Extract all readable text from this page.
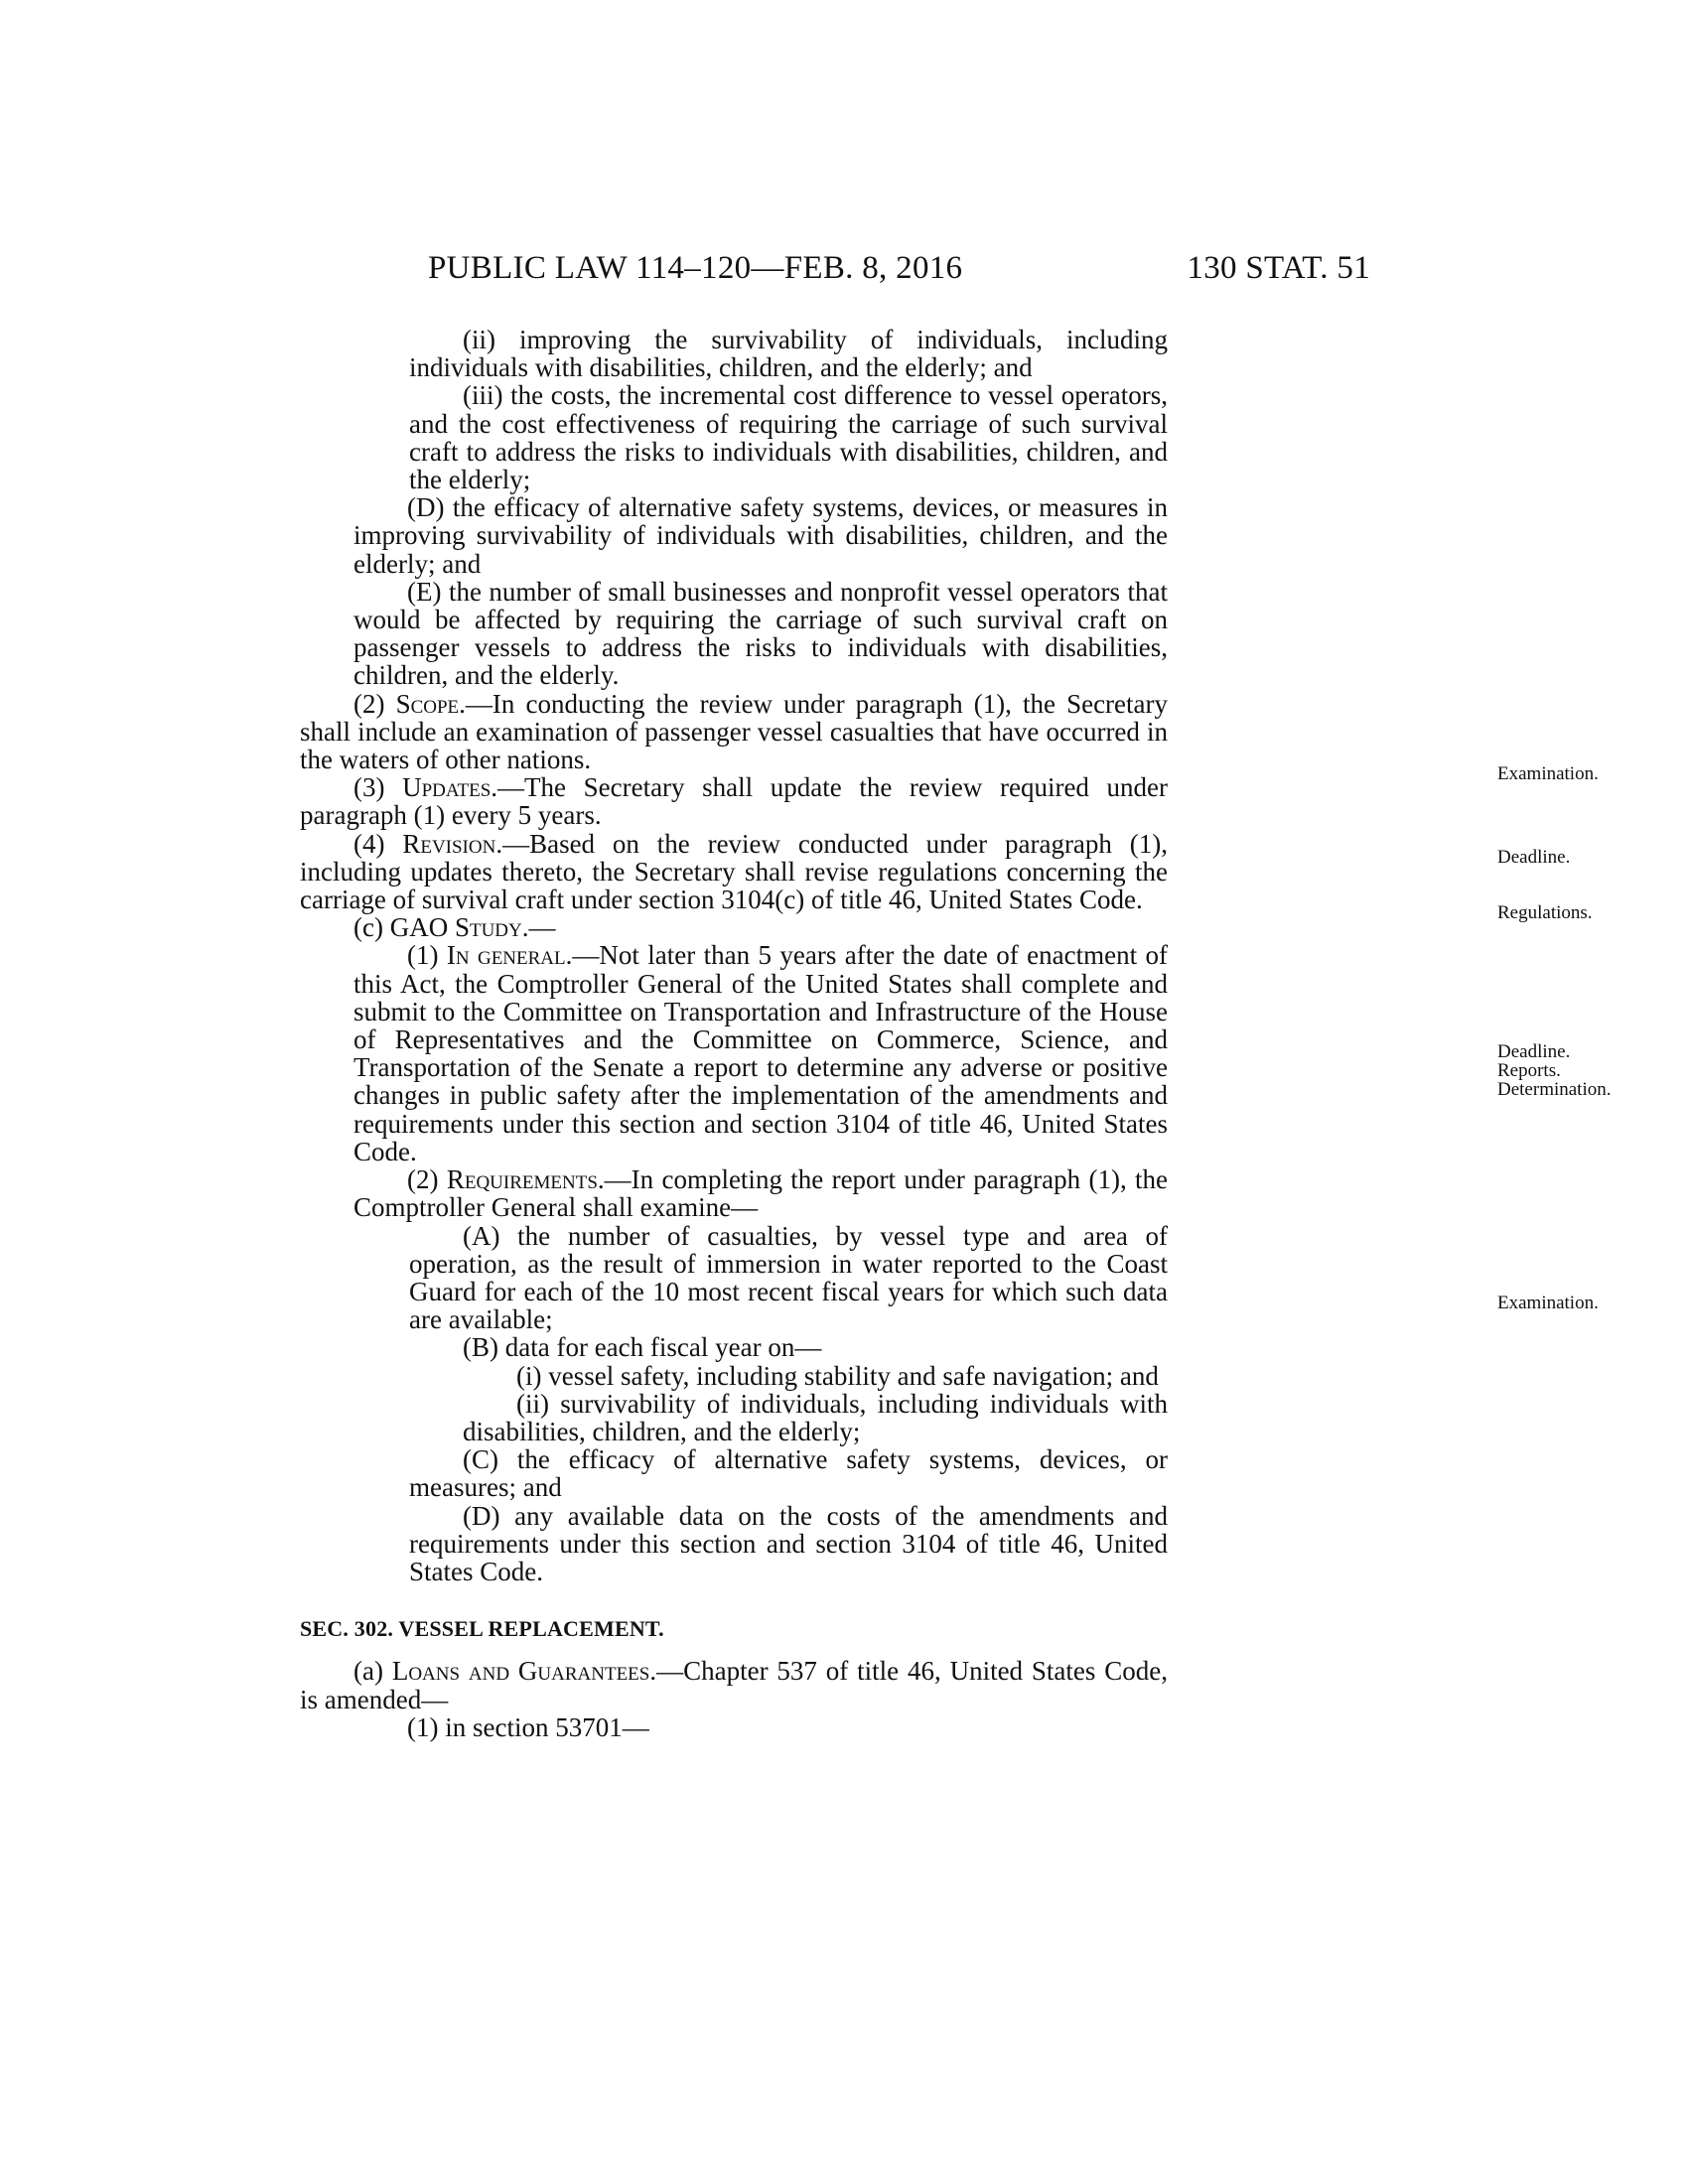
PUBLIC LAW 114–120—FEB. 8, 2016	130 STAT. 51

(ii) improving the survivability of individuals, including individuals with disabilities, children, and the elderly; and

(iii) the costs, the incremental cost difference to vessel operators, and the cost effectiveness of requiring the carriage of such survival craft to address the risks to individuals with disabilities, children, and the elderly;

(D) the efficacy of alternative safety systems, devices, or measures in improving survivability of individuals with disabilities, children, and the elderly; and

(E) the number of small businesses and nonprofit vessel operators that would be affected by requiring the carriage of such survival craft on passenger vessels to address the risks to individuals with disabilities, children, and the elderly.

(2) Scope.—In conducting the review under paragraph (1), the Secretary shall include an examination of passenger vessel casualties that have occurred in the waters of other nations.

(3) Updates.—The Secretary shall update the review required under paragraph (1) every 5 years.

(4) Revision.—Based on the review conducted under paragraph (1), including updates thereto, the Secretary shall revise regulations concerning the carriage of survival craft under section 3104(c) of title 46, United States Code.

(c) GAO Study.—

(1) In general.—Not later than 5 years after the date of enactment of this Act, the Comptroller General of the United States shall complete and submit to the Committee on Transportation and Infrastructure of the House of Representatives and the Committee on Commerce, Science, and Transportation of the Senate a report to determine any adverse or positive changes in public safety after the implementation of the amendments and requirements under this section and section 3104 of title 46, United States Code.

(2) Requirements.—In completing the report under paragraph (1), the Comptroller General shall examine—

(A) the number of casualties, by vessel type and area of operation, as the result of immersion in water reported to the Coast Guard for each of the 10 most recent fiscal years for which such data are available;

(B) data for each fiscal year on—

(i) vessel safety, including stability and safe navigation; and

(ii) survivability of individuals, including individuals with disabilities, children, and the elderly;

(C) the efficacy of alternative safety systems, devices, or measures; and

(D) any available data on the costs of the amendments and requirements under this section and section 3104 of title 46, United States Code.

SEC. 302. VESSEL REPLACEMENT.

(a) Loans and Guarantees.—Chapter 537 of title 46, United States Code, is amended—

(1) in section 53701—

Examination.
Deadline.
Regulations.
Deadline.
Reports.
Determination.
Examination.
